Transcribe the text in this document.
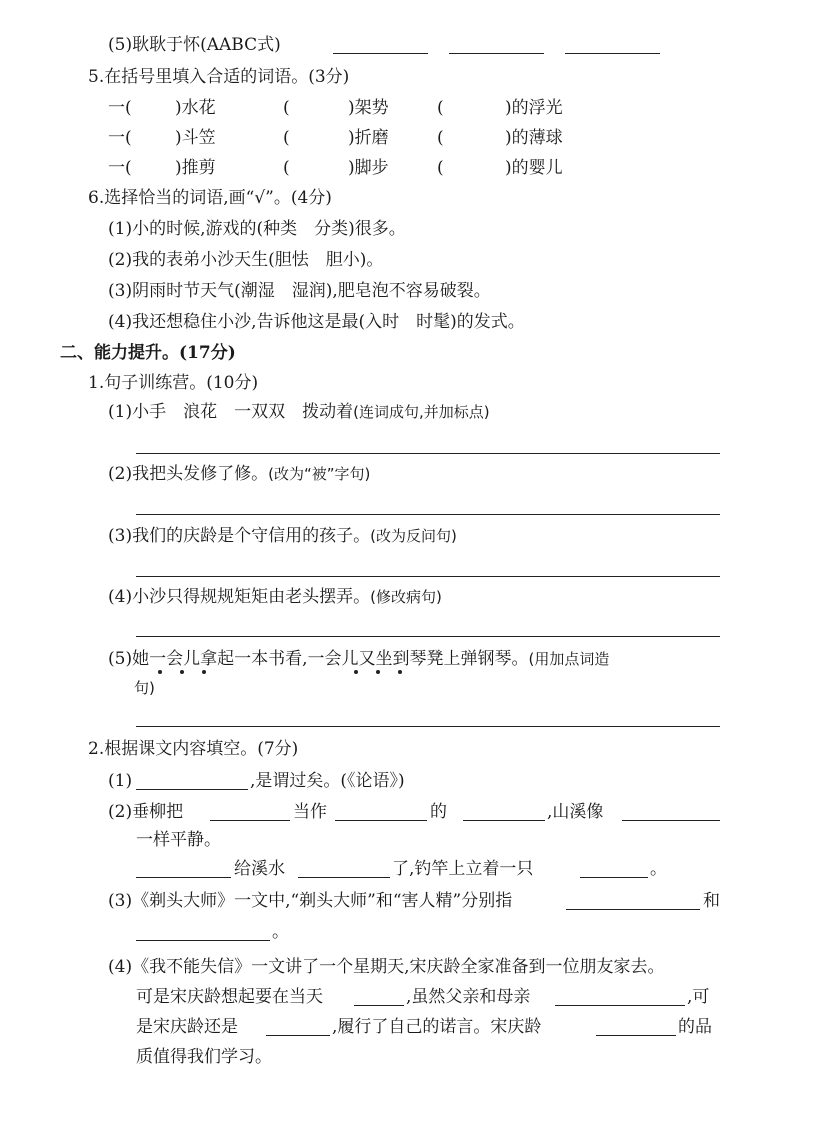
(5)耿耿于怀(AABC式)
5.在括号里填入合适的词语。(3分)
一(	)水花	(	)架势	(	)的浮光
一(	)斗笠	(	)折磨	(	)的薄球
一(	)推剪	(	)脚步	(	)的婴儿
6.选择恰当的词语,画“√”。(4分)
(1)小的时候,游戏的(种类　分类)很多。
(2)我的表弟小沙天生(胆怯　胆小)。
(3)阴雨时节天气(潮湿　湿润),肥皂泡不容易破裂。
(4)我还想稳住小沙,告诉他这是最(入时　时髦)的发式。
二、能力提升。(17分)
1.句子训练营。(10分)
(1)小手　浪花　一双双　拨动着(连词成句,并加标点)
(2)我把头发修了修。(改为“被”字句)
(3)我们的庆龄是个守信用的孩子。(改为反问句)
(4)小沙只得规规矩矩由老头摆弄。(修改病句)
(5)她一会儿拿起一本书看,一会儿又坐到琴凳上弹钢琴。(用加点词造
句)
2.根据课文内容填空。(7分)
(1)	,是谓过矣。(《论语》)
(2)垂柳把	当作	的	,山溪像
一样平静。
给溪水	了,钓竿上立着一只	。
(3)《剃头大师》一文中,“剃头大师”和“害人精”分别指	和
。
(4)《我不能失信》一文讲了一个星期天,宋庆龄全家准备到一位朋友家去。
可是宋庆龄想起要在当天	,虽然父亲和母亲	,可
是宋庆龄还是	,履行了自己的诺言。宋庆龄	的品
质值得我们学习。
